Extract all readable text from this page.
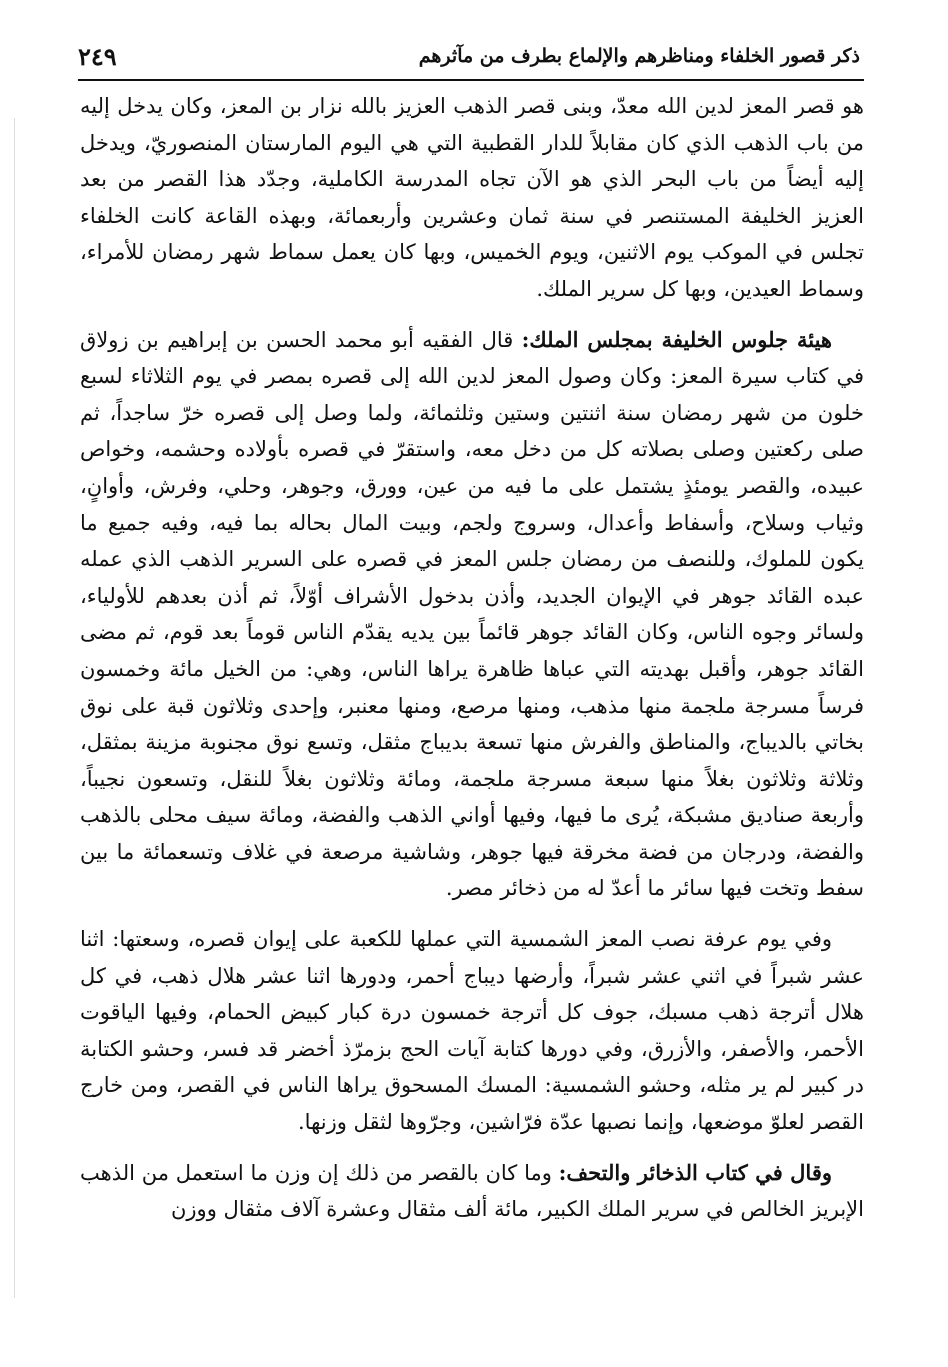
ذكر قصور الخلفاء ومناظرهم والإلماع بطرف من مآثرهم
٢٤٩

هو قصر المعز لدين الله معدّ، وبنى قصر الذهب العزيز بالله نزار بن المعز، وكان يدخل إليه من باب الذهب الذي كان مقابلاً للدار القطبية التي هي اليوم المارستان المنصوريّ، ويدخل إليه أيضاً من باب البحر الذي هو الآن تجاه المدرسة الكاملية، وجدّد هذا القصر من بعد العزيز الخليفة المستنصر في سنة ثمان وعشرين وأربعمائة، وبهذه القاعة كانت الخلفاء تجلس في الموكب يوم الاثنين، ويوم الخميس، وبها كان يعمل سماط شهر رمضان للأمراء، وسماط العيدين، وبها كل سرير الملك.

هيئة جلوس الخليفة بمجلس الملك: قال الفقيه أبو محمد الحسن بن إبراهيم بن زولاق في كتاب سيرة المعز: وكان وصول المعز لدين الله إلى قصره بمصر في يوم الثلاثاء لسبع خلون من شهر رمضان سنة اثنتين وستين وثلثمائة، ولما وصل إلى قصره خرّ ساجداً، ثم صلى ركعتين وصلى بصلاته كل من دخل معه، واستقرّ في قصره بأولاده وحشمه، وخواص عبيده، والقصر يومئذٍ يشتمل على ما فيه من عين، وورق، وجوهر، وحلي، وفرش، وأوانٍ، وثياب وسلاح، وأسفاط وأعدال، وسروج ولجم، وبيت المال بحاله بما فيه، وفيه جميع ما يكون للملوك، وللنصف من رمضان جلس المعز في قصره على السرير الذهب الذي عمله عبده القائد جوهر في الإيوان الجديد، وأذن بدخول الأشراف أوّلاً، ثم أذن بعدهم للأولياء، ولسائر وجوه الناس، وكان القائد جوهر قائماً بين يديه يقدّم الناس قوماً بعد قوم، ثم مضى القائد جوهر، وأقبل بهديته التي عباها ظاهرة يراها الناس، وهي: من الخيل مائة وخمسون فرساً مسرجة ملجمة منها مذهب، ومنها مرصع، ومنها معنبر، وإحدى وثلاثون قبة على نوق بخاتي بالديباج، والمناطق والفرش منها تسعة بديباج مثقل، وتسع نوق مجنوبة مزينة بمثقل، وثلاثة وثلاثون بغلاً منها سبعة مسرجة ملجمة، ومائة وثلاثون بغلاً للنقل، وتسعون نجيباً، وأربعة صناديق مشبكة، يُرى ما فيها، وفيها أواني الذهب والفضة، ومائة سيف محلى بالذهب والفضة، ودرجان من فضة مخرقة فيها جوهر، وشاشية مرصعة في غلاف وتسعمائة ما بين سفط وتخت فيها سائر ما أعدّ له من ذخائر مصر.

وفي يوم عرفة نصب المعز الشمسية التي عملها للكعبة على إيوان قصره، وسعتها: اثنا عشر شبراً في اثني عشر شبراً، وأرضها ديباج أحمر، ودورها اثنا عشر هلال ذهب، في كل هلال أترجة ذهب مسبك، جوف كل أترجة خمسون درة كبار كبيض الحمام، وفيها الياقوت الأحمر، والأصفر، والأزرق، وفي دورها كتابة آيات الحج بزمرّذ أخضر قد فسر، وحشو الكتابة در كبير لم ير مثله، وحشو الشمسية: المسك المسحوق يراها الناس في القصر، ومن خارج القصر لعلوّ موضعها، وإنما نصبها عدّة فرّاشين، وجرّوها لثقل وزنها.

وقال في كتاب الذخائر والتحف: وما كان بالقصر من ذلك إن وزن ما استعمل من الذهب الإبريز الخالص في سرير الملك الكبير، مائة ألف مثقال وعشرة آلاف مثقال ووزن
